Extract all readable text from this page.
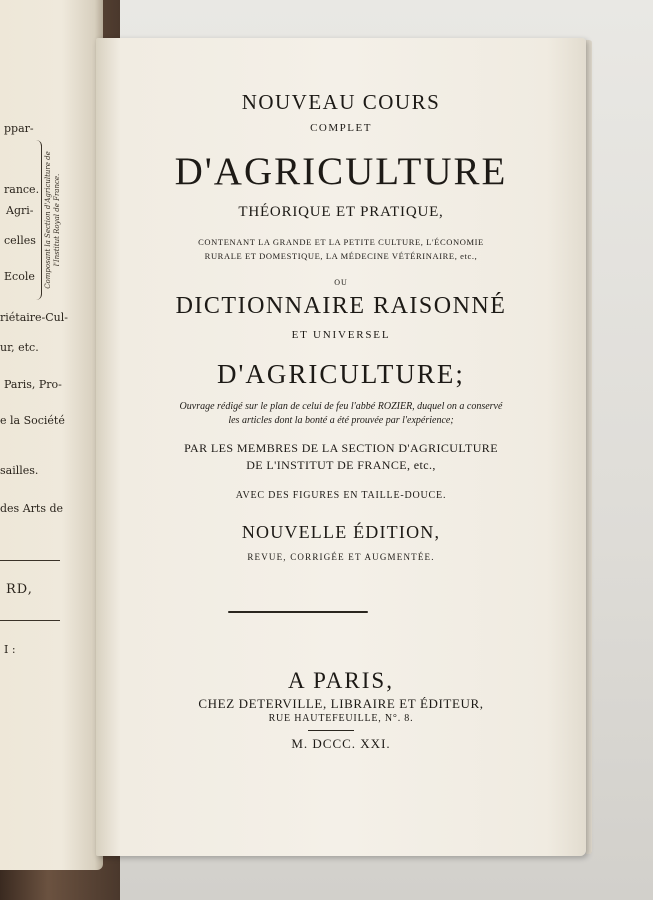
Composant la Section d'Agriculture de l'Institut Royal de France.
ppar-
rance.
Agri-
celles
Ecole
riétaire-Cul-
ur, etc.
Paris, Pro-
e la Société
sailles.
des Arts de
RD,
I :

NOUVEAU COURS

COMPLET

D'AGRICULTURE

THÉORIQUE ET PRATIQUE,

CONTENANT LA GRANDE ET LA PETITE CULTURE, L'ÉCONOMIE

RURALE ET DOMESTIQUE, LA MÉDECINE VÉTÉRINAIRE, etc.,

OU

DICTIONNAIRE RAISONNÉ

ET UNIVERSEL

D'AGRICULTURE;

Ouvrage rédigé sur le plan de celui de feu l'abbé ROZIER, duquel on a conservé

les articles dont la bonté a été prouvée par l'expérience;

PAR LES MEMBRES DE LA SECTION D'AGRICULTURE

DE L'INSTITUT DE FRANCE, etc.,

AVEC DES FIGURES EN TAILLE-DOUCE.

NOUVELLE ÉDITION,

REVUE, CORRIGÉE ET AUGMENTÉE.

A PARIS,

CHEZ DETERVILLE, LIBRAIRE ET ÉDITEUR,

RUE HAUTEFEUILLE, N°. 8.

M. DCCC. XXI.
